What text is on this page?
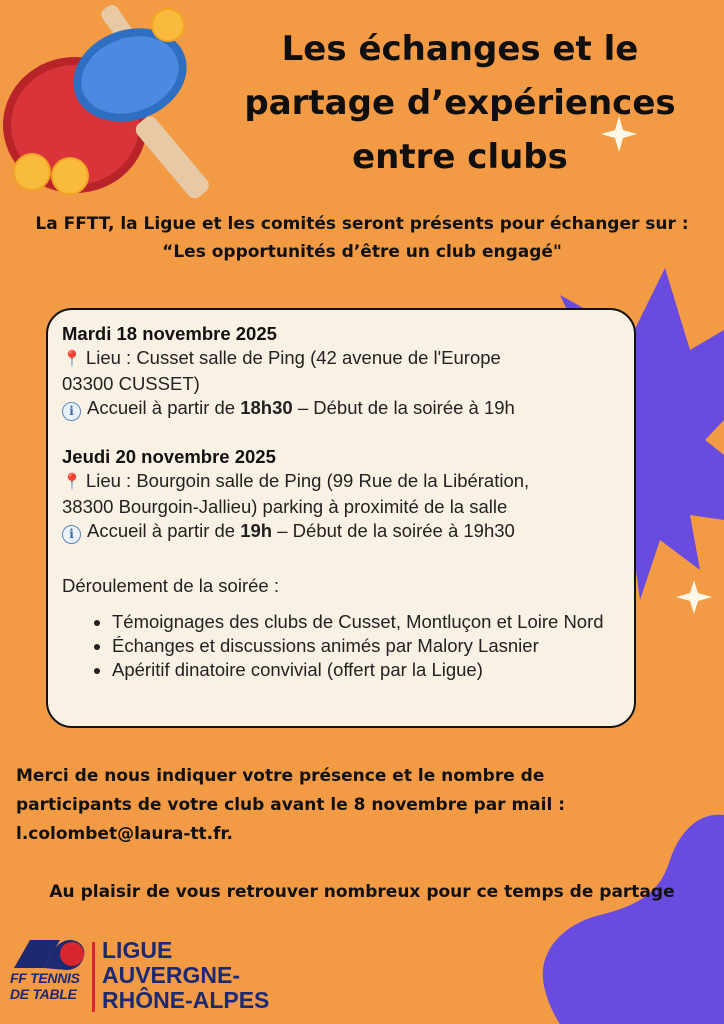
Les échanges et le
partage d’expériences
entre clubs
La FFTT, la Ligue et les comités seront présents pour échanger sur :
“Les opportunités d’être un club engagé"

Mardi 18 novembre 2025

📍 Lieu : Cusset salle de Ping (42 avenue de l'Europe

03300 CUSSET)

i Accueil à partir de 18h30 – Début de la soirée à 19h

Jeudi 20 novembre 2025

📍 Lieu : Bourgoin salle de Ping (99 Rue de la Libération,

38300 Bourgoin-Jallieu) parking à proximité de la salle

i Accueil à partir de 19h – Début de la soirée à 19h30

Déroulement de la soirée :

• Témoignages des clubs de Cusset, Montluçon et Loire Nord
• Échanges et discussions animés par Malory Lasnier
• Apéritif dinatoire convivial (offert par la Ligue)
Merci de nous indiquer votre présence et le nombre de
participants de votre club avant le 8 novembre par mail :
l.colombet@laura-tt.fr.
Au plaisir de vous retrouver nombreux pour ce temps de partage
FF TENNIS
DE TABLE
LIGUE
AUVERGNE-
RHÔNE-ALPES
